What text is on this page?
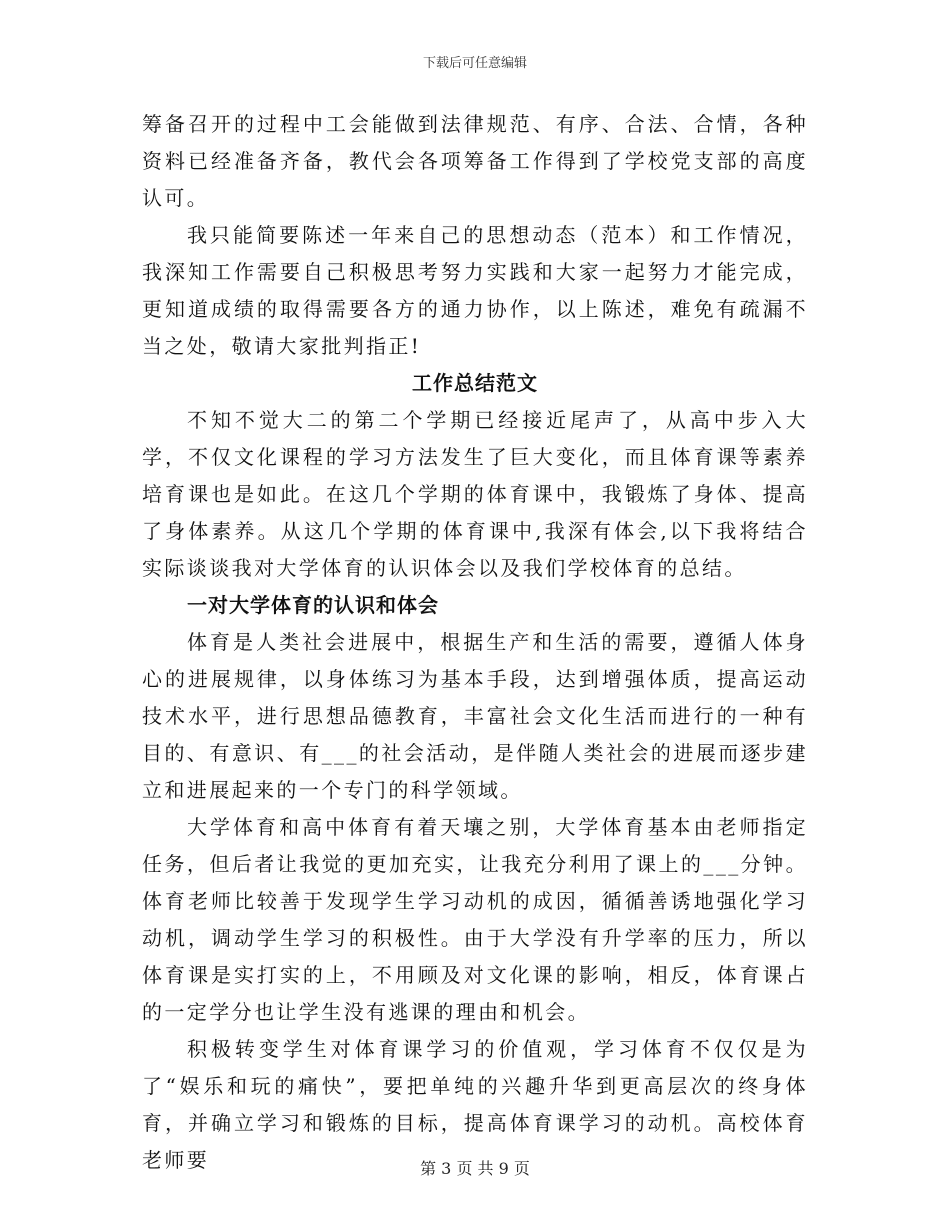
下载后可任意编辑

筹备召开的过程中工会能做到法律规范、有序、合法、合情，各种资料已经准备齐备，教代会各项筹备工作得到了学校党支部的高度认可。

我只能简要陈述一年来自己的思想动态（范本）和工作情况，我深知工作需要自己积极思考努力实践和大家一起努力才能完成，更知道成绩的取得需要各方的通力协作，以上陈述，难免有疏漏不当之处，敬请大家批判指正!

工作总结范文

不知不觉大二的第二个学期已经接近尾声了，从高中步入大学，不仅文化课程的学习方法发生了巨大变化，而且体育课等素养培育课也是如此。在这几个学期的体育课中，我锻炼了身体、提高了身体素养。从这几个学期的体育课中,我深有体会,以下我将结合实际谈谈我对大学体育的认识体会以及我们学校体育的总结。

一对大学体育的认识和体会

体育是人类社会进展中，根据生产和生活的需要，遵循人体身心的进展规律，以身体练习为基本手段，达到增强体质，提高运动技术水平，进行思想品德教育，丰富社会文化生活而进行的一种有目的、有意识、有___的社会活动，是伴随人类社会的进展而逐步建立和进展起来的一个专门的科学领域。

大学体育和高中体育有着天壤之别，大学体育基本由老师指定任务，但后者让我觉的更加充实，让我充分利用了课上的___分钟。体育老师比较善于发现学生学习动机的成因，循循善诱地强化学习动机，调动学生学习的积极性。由于大学没有升学率的压力，所以体育课是实打实的上，不用顾及对文化课的影响，相反，体育课占的一定学分也让学生没有逃课的理由和机会。

积极转变学生对体育课学习的价值观，学习体育不仅仅是为了“娱乐和玩的痛快”，要把单纯的兴趣升华到更高层次的终身体育，并确立学习和锻炼的目标，提高体育课学习的动机。高校体育老师要	第 3 页 共 9 页
